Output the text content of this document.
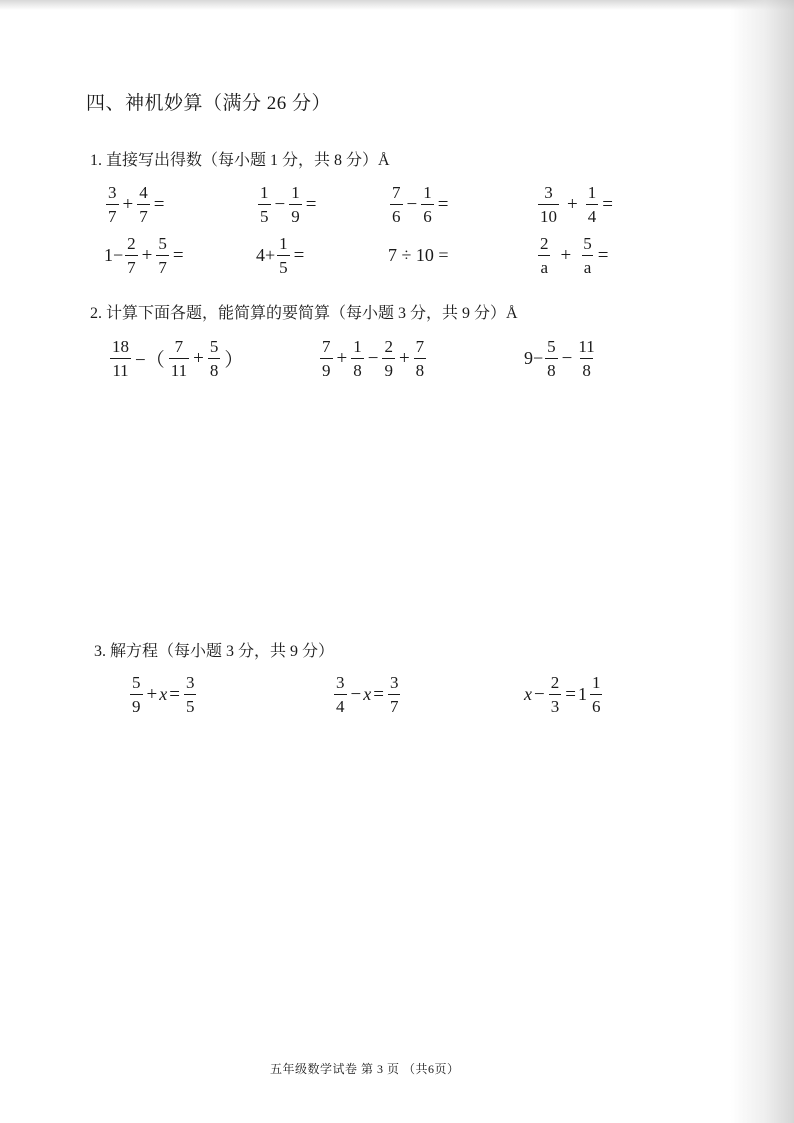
四、神机妙算（满分 26 分）
1. 直接写出得数（每小题 1 分，共 8 分）Å
$\frac{3}{7} + \frac{4}{7}$ =	$\frac{1}{5} - \frac{1}{9}$ =	$\frac{7}{6} - \frac{1}{6}$ =	$\frac{3}{10} + \frac{1}{4}$ =
$1- \frac{2}{7} + \frac{5}{7}$ =	$4+ \frac{1}{5}$ =	7 ÷ 10 =	$\frac{2}{a} + \frac{5}{a}$ =
2. 计算下面各题，能简算的要简算（每小题 3 分，共 9 分）Å
$\frac{18}{11}$ −（ $\frac{7}{11} + \frac{5}{8}$ ）	$\frac{7}{9} + \frac{1}{8} - \frac{2}{9} + \frac{7}{8}$	$9- \frac{5}{8} - \frac{11}{8}$
3. 解方程（每小题 3 分，共 9 分）
$\frac{5}{9} + x = \frac{3}{5}$	$\frac{3}{4} - x = \frac{3}{7}$	$x - \frac{2}{3} = 1 \frac{1}{6}$
五年级数学试卷 第 3 页 （共6页）
